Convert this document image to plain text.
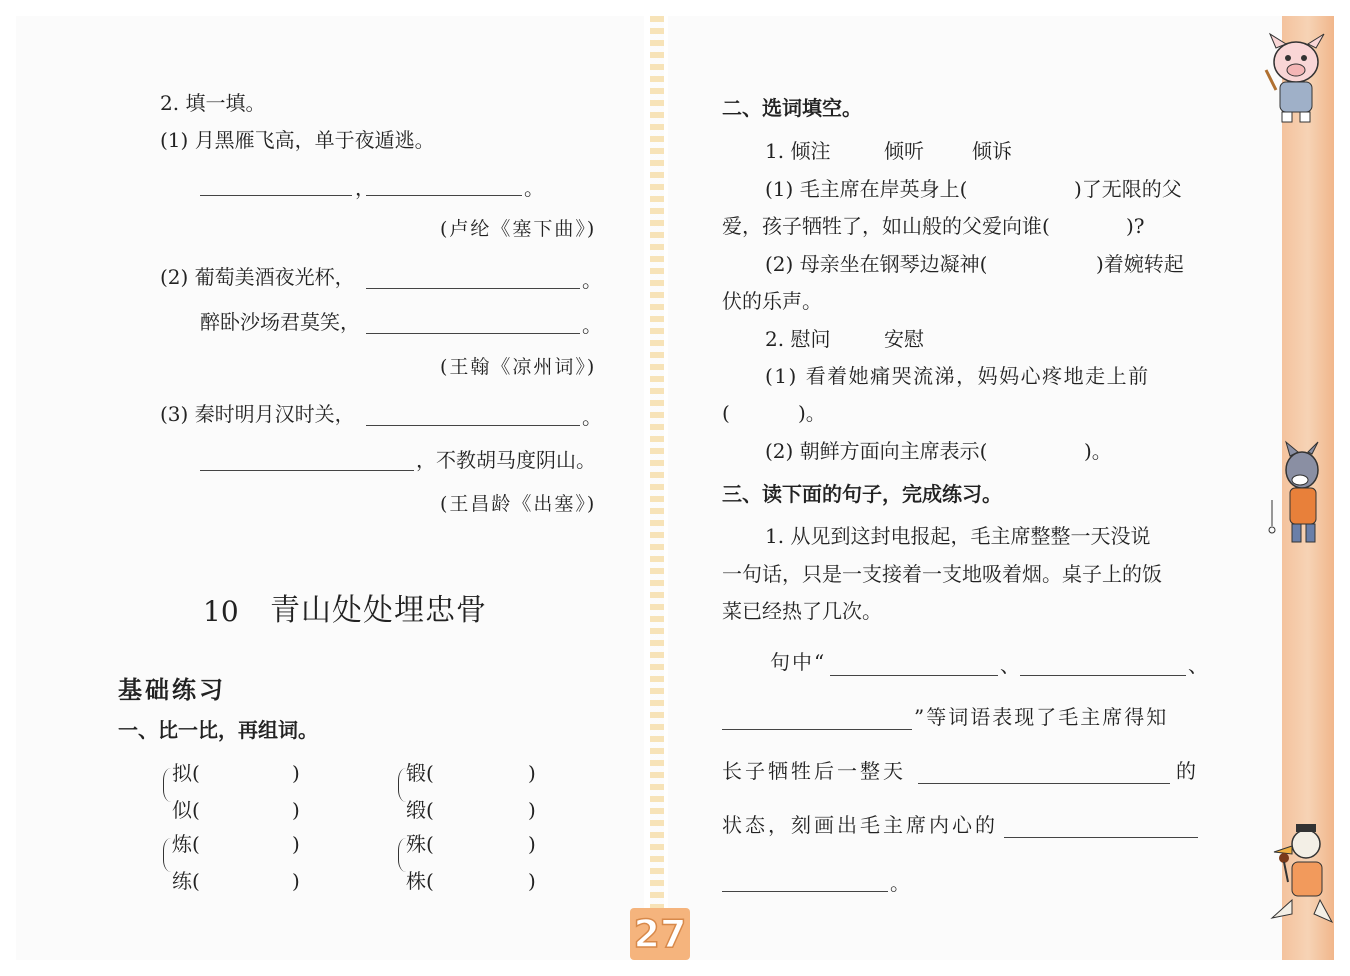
2. 填一填。
(1) 月黑雁飞高，单于夜遁逃。
，	。
(卢纶《塞下曲》)
(2) 葡萄美酒夜光杯，	。
醉卧沙场君莫笑，	。
(王翰《凉州词》)
(3) 秦时明月汉时关，	。
，不教胡马度阴山。
(王昌龄《出塞》)
10 青山处处埋忠骨
基础练习
一、比一比，再组词。
拟(	)
似(	)
锻(	)
缎(	)
炼(	)
练(	)
殊(	)
株(	)
二、选词填空。
1. 倾注	倾听 倾诉
(1) 毛主席在岸英身上(	)了无限的父
爱，孩子牺牲了，如山般的父爱向谁(	)?
(2) 母亲坐在钢琴边凝神(	)着婉转起
伏的乐声。
2. 慰问	安慰
(1) 看着她痛哭流涕，妈妈心疼地走上前
(	)。
(2) 朝鲜方面向主席表示(	)。
三、读下面的句子，完成练习。
1. 从见到这封电报起，毛主席整整一天没说
一句话，只是一支接着一支地吸着烟。桌子上的饭
菜已经热了几次。
句中“	、	、
”等词语表现了毛主席得知
长子牺牲后一整天	的
状态，刻画出毛主席内心的
。
27
